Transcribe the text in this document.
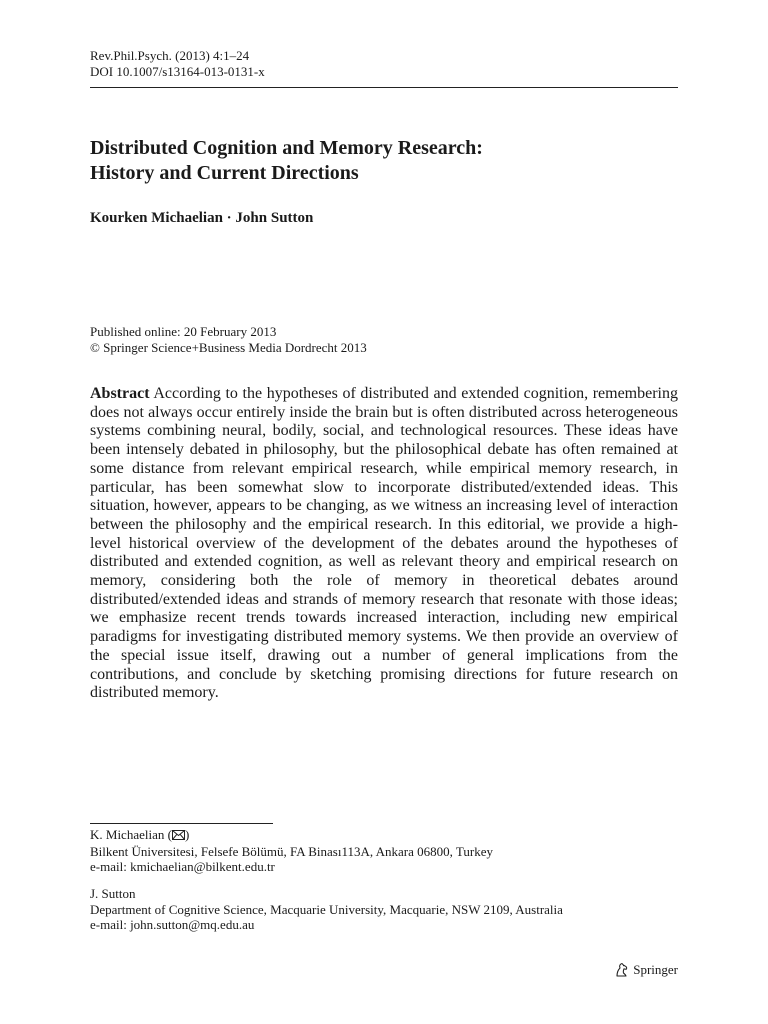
Rev.Phil.Psych. (2013) 4:1–24
DOI 10.1007/s13164-013-0131-x
Distributed Cognition and Memory Research:
History and Current Directions
Kourken Michaelian · John Sutton
Published online: 20 February 2013
© Springer Science+Business Media Dordrecht 2013

Abstract According to the hypotheses of distributed and extended cognition, remembering does not always occur entirely inside the brain but is often distributed across heterogeneous systems combining neural, bodily, social, and technological resources. These ideas have been intensely debated in philosophy, but the philosophical debate has often remained at some distance from relevant empirical research, while empirical memory research, in particular, has been somewhat slow to incorporate distributed/extended ideas. This situation, however, appears to be changing, as we witness an increasing level of interaction between the philosophy and the empirical research. In this editorial, we provide a high-level historical overview of the development of the debates around the hypotheses of distributed and extended cognition, as well as relevant theory and empirical research on memory, considering both the role of memory in theoretical debates around distributed/extended ideas and strands of memory research that resonate with those ideas; we emphasize recent trends towards increased interaction, including new empirical paradigms for investigating distributed memory systems. We then provide an overview of the special issue itself, drawing out a number of general implications from the contributions, and conclude by sketching promising directions for future research on distributed memory.

K. Michaelian ( )
Bilkent Üniversitesi, Felsefe Bölümü, FA Binası113A, Ankara 06800, Turkey
e-mail: kmichaelian@bilkent.edu.tr
J. Sutton
Department of Cognitive Science, Macquarie University, Macquarie, NSW 2109, Australia
e-mail: john.sutton@mq.edu.au
Springer
